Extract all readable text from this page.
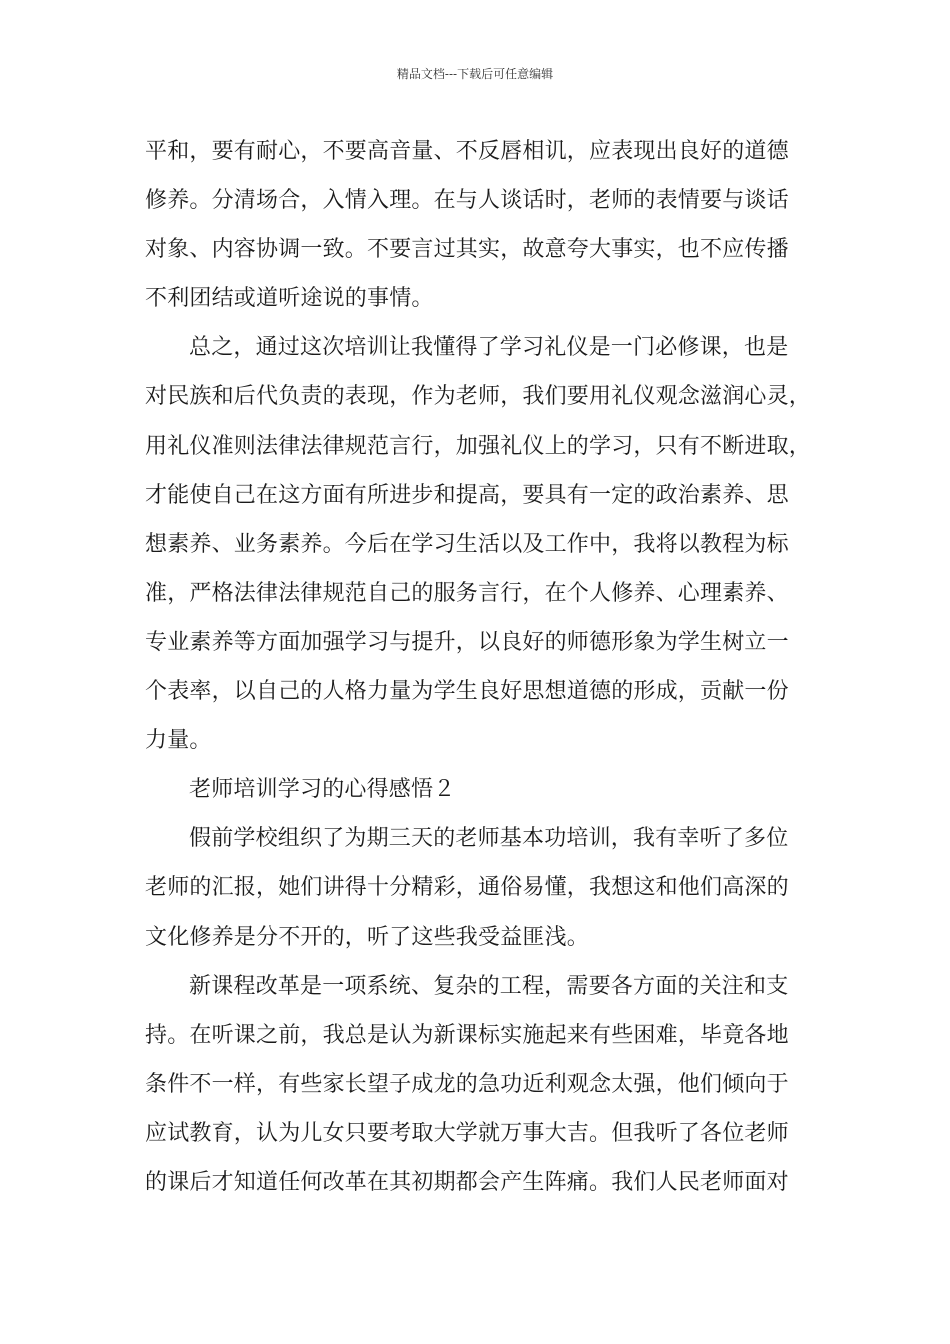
精品文档---下载后可任意编辑
平和，要有耐心，不要高音量、不反唇相讥，应表现出良好的道德
修养。分清场合，入情入理。在与人谈话时，老师的表情要与谈话
对象、内容协调一致。不要言过其实，故意夸大事实，也不应传播
不利团结或道听途说的事情。
总之，通过这次培训让我懂得了学习礼仪是一门必修课，也是
对民族和后代负责的表现，作为老师，我们要用礼仪观念滋润心灵，
用礼仪准则法律法律规范言行，加强礼仪上的学习，只有不断进取，
才能使自己在这方面有所进步和提高，要具有一定的政治素养、思
想素养、业务素养。今后在学习生活以及工作中，我将以教程为标
准，严格法律法律规范自己的服务言行，在个人修养、心理素养、
专业素养等方面加强学习与提升，以良好的师德形象为学生树立一
个表率，以自己的人格力量为学生良好思想道德的形成，贡献一份
力量。
老师培训学习的心得感悟２
假前学校组织了为期三天的老师基本功培训，我有幸听了多位
老师的汇报，她们讲得十分精彩，通俗易懂，我想这和他们高深的
文化修养是分不开的，听了这些我受益匪浅。
新课程改革是一项系统、复杂的工程，需要各方面的关注和支
持。在听课之前，我总是认为新课标实施起来有些困难，毕竟各地
条件不一样，有些家长望子成龙的急功近利观念太强，他们倾向于
应试教育，认为儿女只要考取大学就万事大吉。但我听了各位老师
的课后才知道任何改革在其初期都会产生阵痛。我们人民老师面对
